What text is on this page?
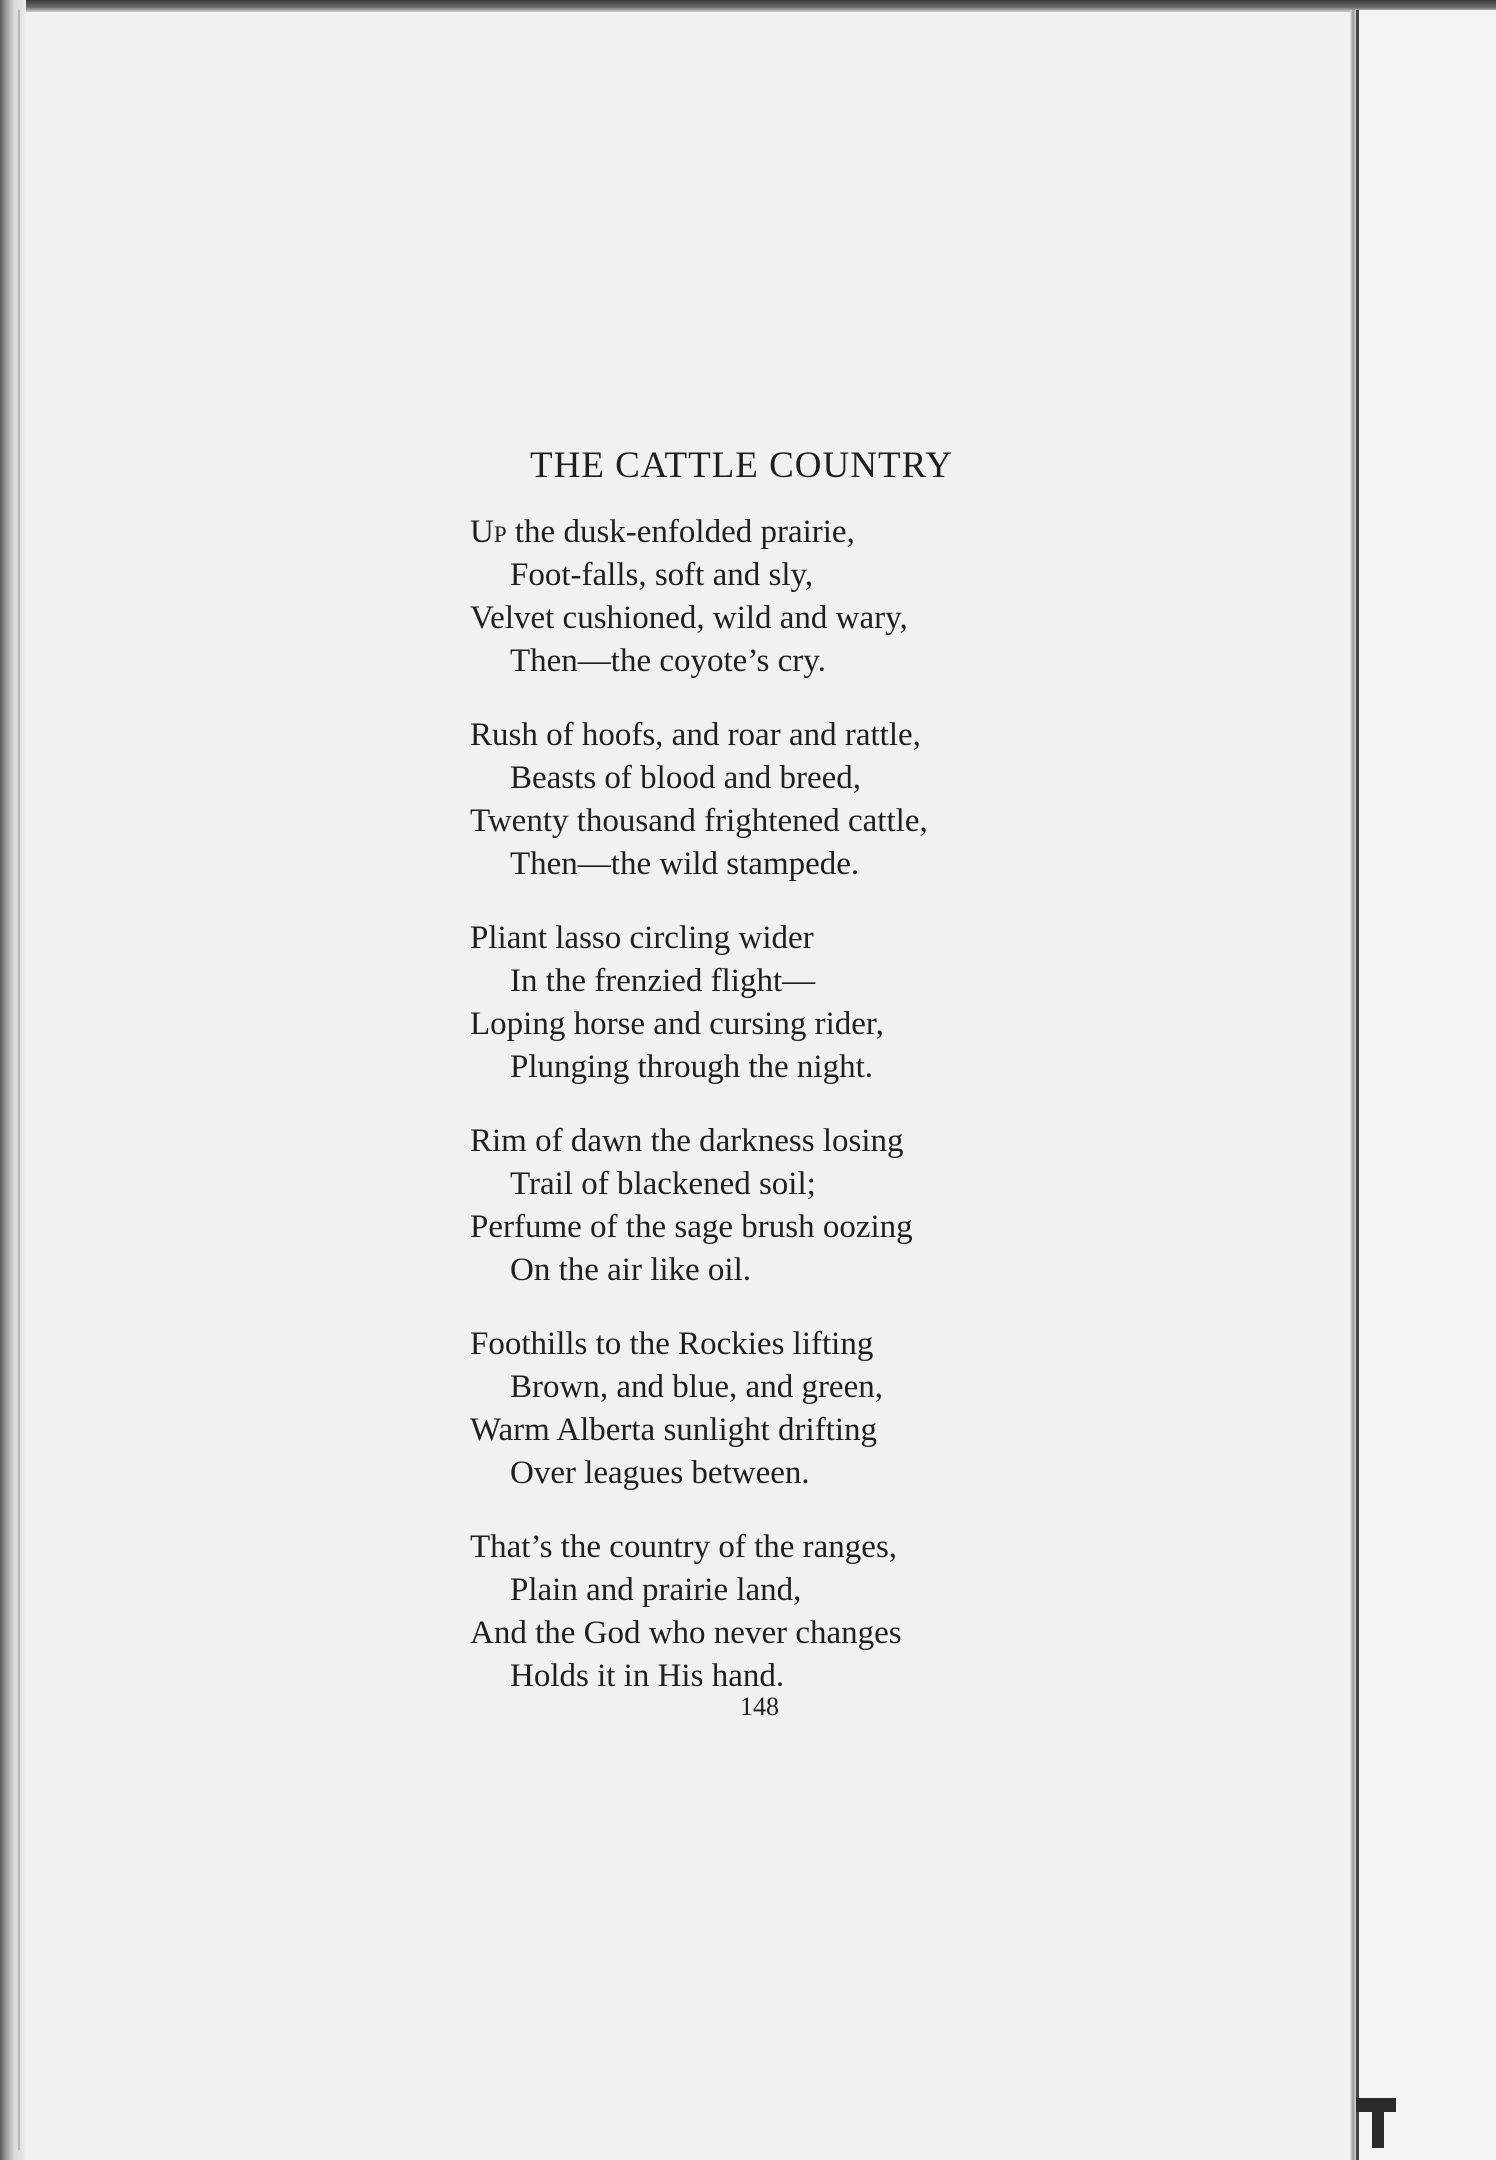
THE CATTLE COUNTRY
Up the dusk-enfolded prairie,
Foot-falls, soft and sly,
Velvet cushioned, wild and wary,
Then—the coyote’s cry.
Rush of hoofs, and roar and rattle,
Beasts of blood and breed,
Twenty thousand frightened cattle,
Then—the wild stampede.
Pliant lasso circling wider
In the frenzied flight—
Loping horse and cursing rider,
Plunging through the night.
Rim of dawn the darkness losing
Trail of blackened soil;
Perfume of the sage brush oozing
On the air like oil.
Foothills to the Rockies lifting
Brown, and blue, and green,
Warm Alberta sunlight drifting
Over leagues between.
That’s the country of the ranges,
Plain and prairie land,
And the God who never changes
Holds it in His hand.
148
